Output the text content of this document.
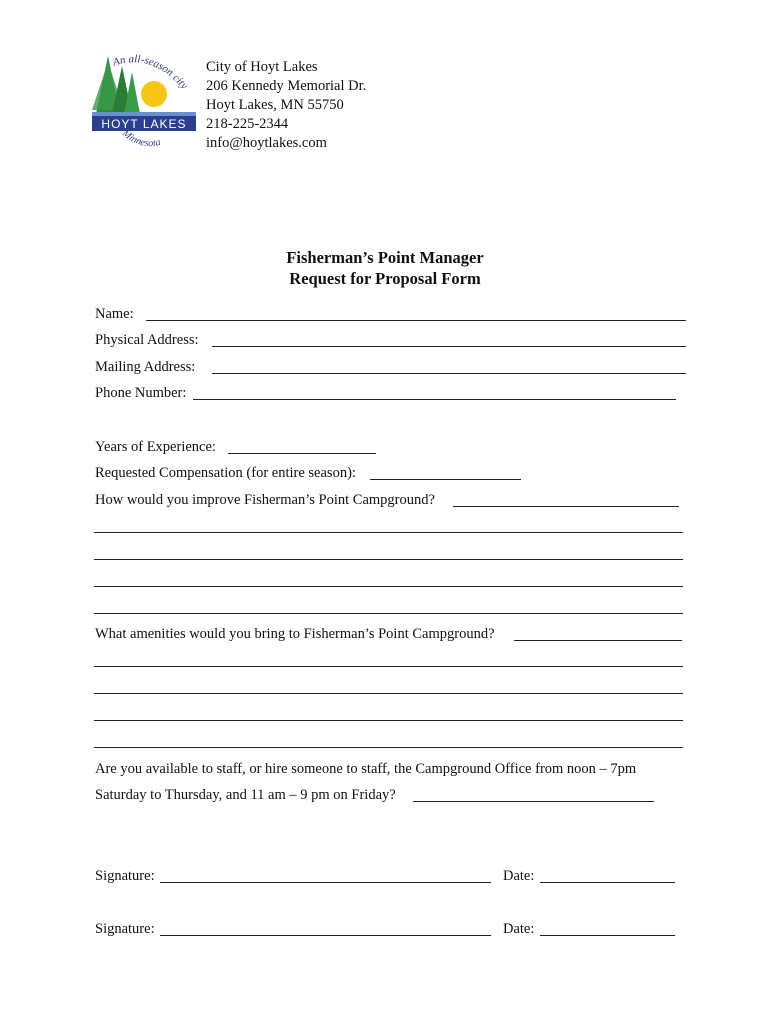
HOYT LAKES
An all-season city
Minnesota
City of Hoyt Lakes
206 Kennedy Memorial Dr.
Hoyt Lakes, MN 55750
218-225-2344
info@hoytlakes.com
Fisherman’s Point Manager
Request for Proposal Form
Name:
Physical Address:
Mailing Address:
Phone Number:
Years of Experience:
Requested Compensation (for entire season):
How would you improve Fisherman’s Point Campground?
What amenities would you bring to Fisherman’s Point Campground?
Are you available to staff, or hire someone to staff, the Campground Office from noon – 7pm
Saturday to Thursday, and 11 am – 9 pm on Friday?
Signature:	Date:
Signature:	Date:
